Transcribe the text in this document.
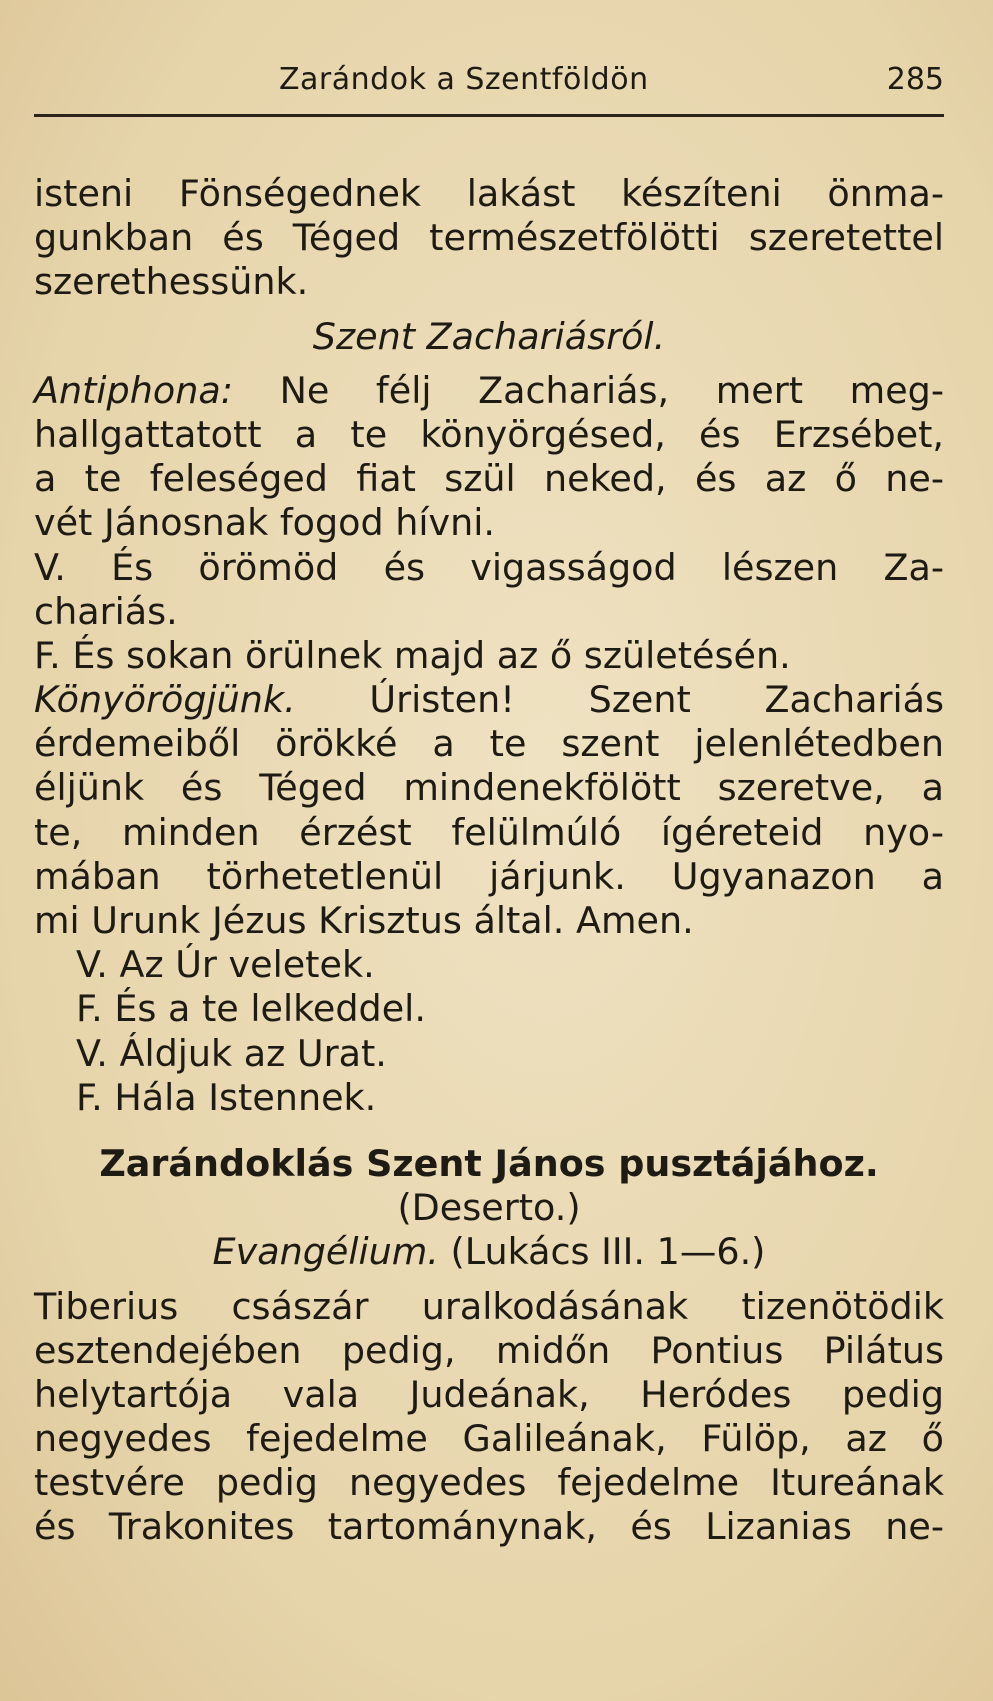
Zarándok a Szentföldön	285
isteni Fönségednek lakást készíteni önma-
gunkban és Téged természetfölötti szeretettel
szerethessünk.
Szent Zachariásról.
Antiphona: Ne félj Zachariás, mert meg-
hallgattatott a te könyörgésed, és Erzsébet,
a te feleséged fiat szül neked, és az ő ne-
vét Jánosnak fogod hívni.
V. És örömöd és vigasságod lészen Za-
chariás.
F. És sokan örülnek majd az ő születésén.
Könyörögjünk. Úristen! Szent Zachariás
érdemeiből örökké a te szent jelenlétedben
éljünk és Téged mindenekfölött szeretve, a
te, minden érzést felülmúló ígéreteid nyo-
mában törhetetlenül járjunk. Ugyanazon a
mi Urunk Jézus Krisztus által. Amen.
V. Az Úr veletek.
F. És a te lelkeddel.
V. Áldjuk az Urat.
F. Hála Istennek.
Zarándoklás Szent János pusztájához.
(Deserto.)
Evangélium. (Lukács III. 1—6.)
Tiberius császár uralkodásának tizenötödik
esztendejében pedig, midőn Pontius Pilátus
helytartója vala Judeának, Heródes pedig
negyedes fejedelme Galileának, Fülöp, az ő
testvére pedig negyedes fejedelme Itureának
és Trakonites tartománynak, és Lizanias ne-
